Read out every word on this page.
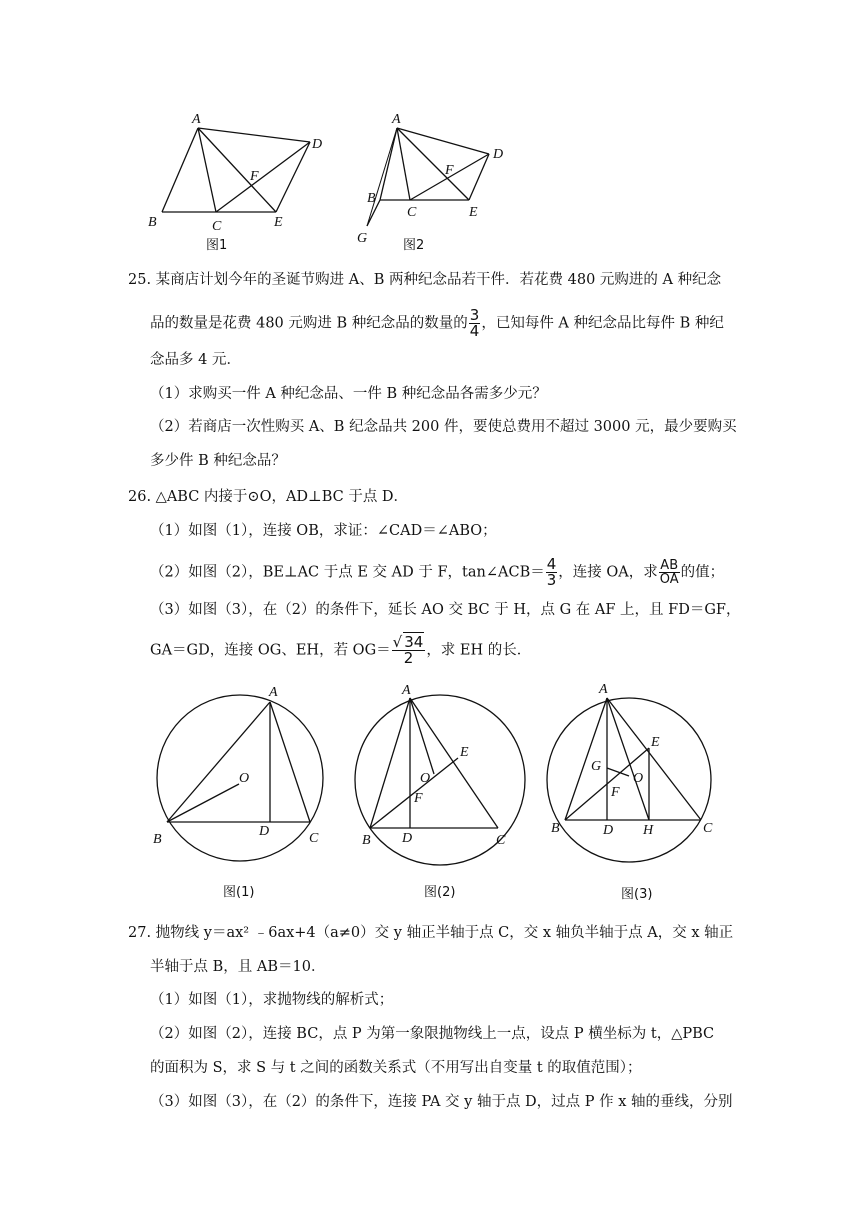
A
B	C
D
E
F
图1
A
B
C
D
E
F
G	图2
25. 某商店计划今年的圣诞节购进 A、B 两种纪念品若干件．若花费 480 元购进的 A 种纪念
品的数量是花费 480 元购进 B 种纪念品的数量的 $\frac{3}{4}$ ，已知每件 A 种纪念品比每件 B 种纪
念品多 4 元．
（1）求购买一件 A 种纪念品、一件 B 种纪念品各需多少元？
（2）若商店一次性购买 A、B 纪念品共 200 件，要使总费用不超过 3000 元，最少要购买
多少件 B 种纪念品？
26. △ABC 内接于⊙O，AD⊥BC 于点 D．
（1）如图（1），连接 OB，求证：∠CAD＝∠ABO；
（2）如图（2），BE⊥AC 于点 E 交 AD 于 F，tan∠ACB＝ $\frac{4}{3}$ ，连接 OA，求 $\frac{AB}{OA}$ 的值；
（3）如图（3），在（2）的条件下，延长 AO 交 BC 于 H，点 G 在 AF 上，且 FD＝GF，
GA＝GD，连接 OG、EH，若 $OG= \frac{√ 34}{2}$ ，求 EH 的长．
A
B	C
D
O
图(1)
A
B	C
D
E
F
O
图(2)
A
B	C
D
E
F
G
H
O
图(3)
27. 抛物线 y＝ax² ﹣6ax+4（a≠0）交 y 轴正半轴于点 C，交 x 轴负半轴于点 A，交 x 轴正
半轴于点 B，且 AB＝10．
（1）如图（1），求抛物线的解析式；
（2）如图（2），连接 BC，点 P 为第一象限抛物线上一点，设点 P 横坐标为 t，△PBC
的面积为 S，求 S 与 t 之间的函数关系式（不用写出自变量 t 的取值范围）；
（3）如图（3），在（2）的条件下，连接 PA 交 y 轴于点 D，过点 P 作 x 轴的垂线，分别
